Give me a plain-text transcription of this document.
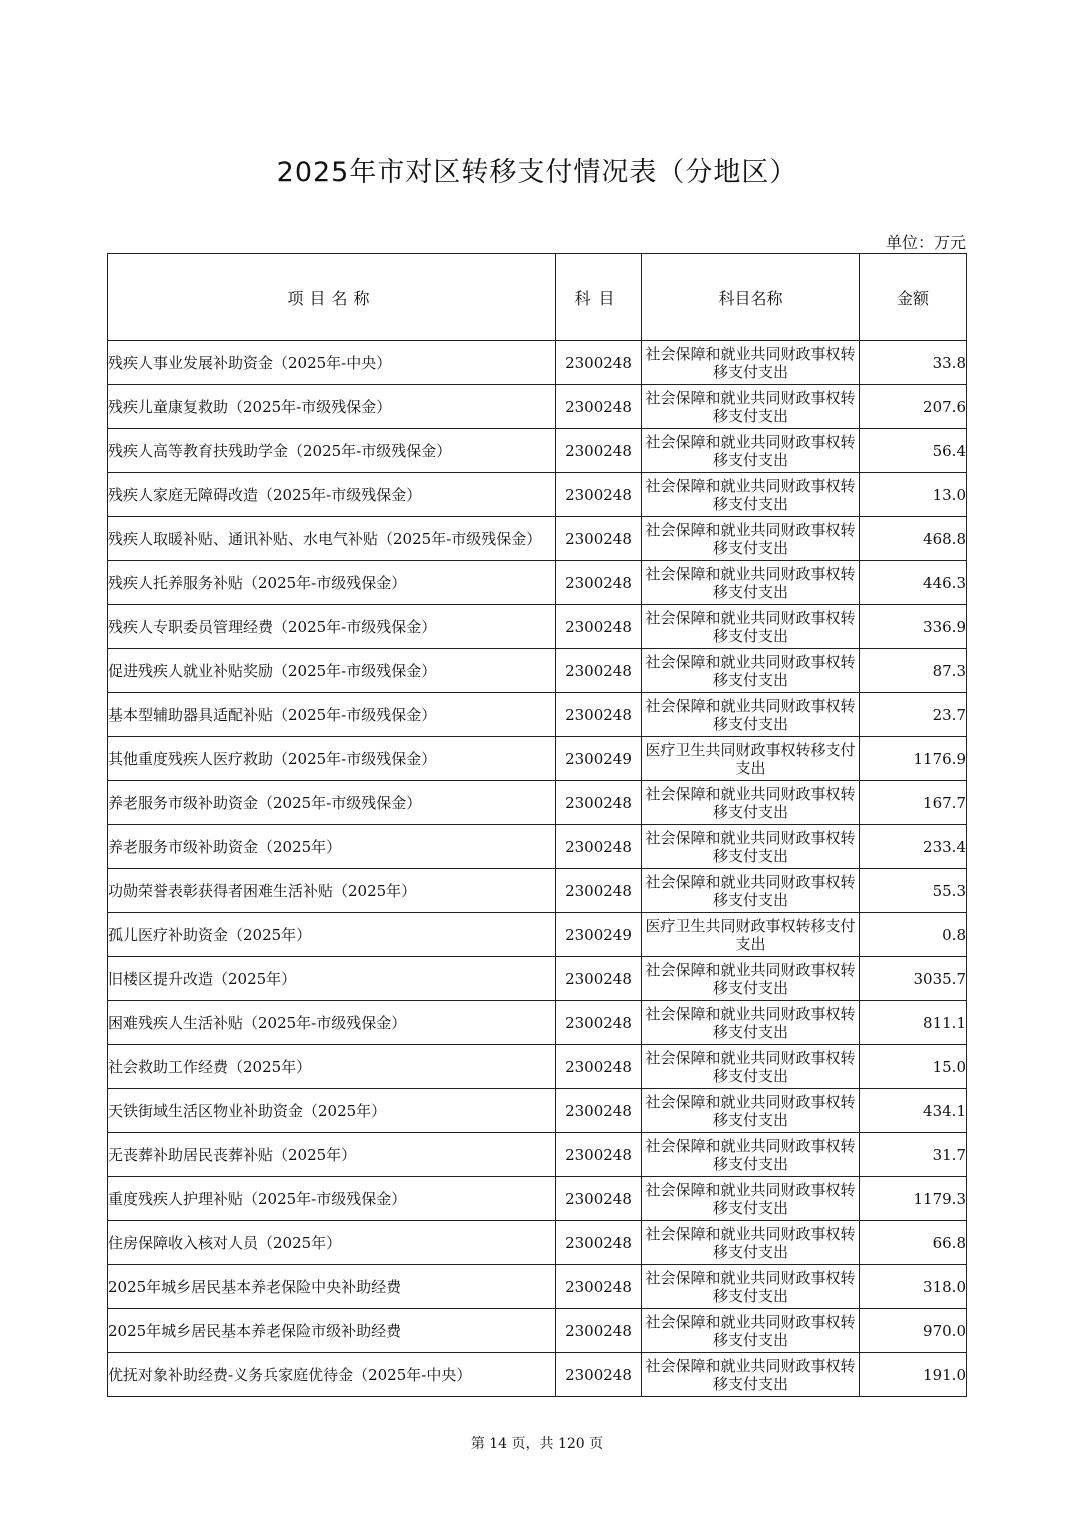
2025年市对区转移支付情况表（分地区）
单位：万元
项目名称	科目	科目名称	金额
残疾人事业发展补助资金（2025年-中央）	2300248	社会保障和就业共同财政事权转移支付支出	33.8
残疾儿童康复救助（2025年-市级残保金）	2300248	社会保障和就业共同财政事权转移支付支出	207.6
残疾人高等教育扶残助学金（2025年-市级残保金）	2300248	社会保障和就业共同财政事权转移支付支出	56.4
残疾人家庭无障碍改造（2025年-市级残保金）	2300248	社会保障和就业共同财政事权转移支付支出	13.0
残疾人取暖补贴、通讯补贴、水电气补贴（2025年-市级残保金）	2300248	社会保障和就业共同财政事权转移支付支出	468.8
残疾人托养服务补贴（2025年-市级残保金）	2300248	社会保障和就业共同财政事权转移支付支出	446.3
残疾人专职委员管理经费（2025年-市级残保金）	2300248	社会保障和就业共同财政事权转移支付支出	336.9
促进残疾人就业补贴奖励（2025年-市级残保金）	2300248	社会保障和就业共同财政事权转移支付支出	87.3
基本型辅助器具适配补贴（2025年-市级残保金）	2300248	社会保障和就业共同财政事权转移支付支出	23.7
其他重度残疾人医疗救助（2025年-市级残保金）	2300249	医疗卫生共同财政事权转移支付支出	1176.9
养老服务市级补助资金（2025年-市级残保金）	2300248	社会保障和就业共同财政事权转移支付支出	167.7
养老服务市级补助资金（2025年）	2300248	社会保障和就业共同财政事权转移支付支出	233.4
功勋荣誉表彰获得者困难生活补贴（2025年）	2300248	社会保障和就业共同财政事权转移支付支出	55.3
孤儿医疗补助资金（2025年）	2300249	医疗卫生共同财政事权转移支付支出	0.8
旧楼区提升改造（2025年）	2300248	社会保障和就业共同财政事权转移支付支出	3035.7
困难残疾人生活补贴（2025年-市级残保金）	2300248	社会保障和就业共同财政事权转移支付支出	811.1
社会救助工作经费（2025年）	2300248	社会保障和就业共同财政事权转移支付支出	15.0
天铁街域生活区物业补助资金（2025年）	2300248	社会保障和就业共同财政事权转移支付支出	434.1
无丧葬补助居民丧葬补贴（2025年）	2300248	社会保障和就业共同财政事权转移支付支出	31.7
重度残疾人护理补贴（2025年-市级残保金）	2300248	社会保障和就业共同财政事权转移支付支出	1179.3
住房保障收入核对人员（2025年）	2300248	社会保障和就业共同财政事权转移支付支出	66.8
2025年城乡居民基本养老保险中央补助经费	2300248	社会保障和就业共同财政事权转移支付支出	318.0
2025年城乡居民基本养老保险市级补助经费	2300248	社会保障和就业共同财政事权转移支付支出	970.0
优抚对象补助经费-义务兵家庭优待金（2025年-中央）	2300248	社会保障和就业共同财政事权转移支付支出	191.0
第 14 页，共 120 页
